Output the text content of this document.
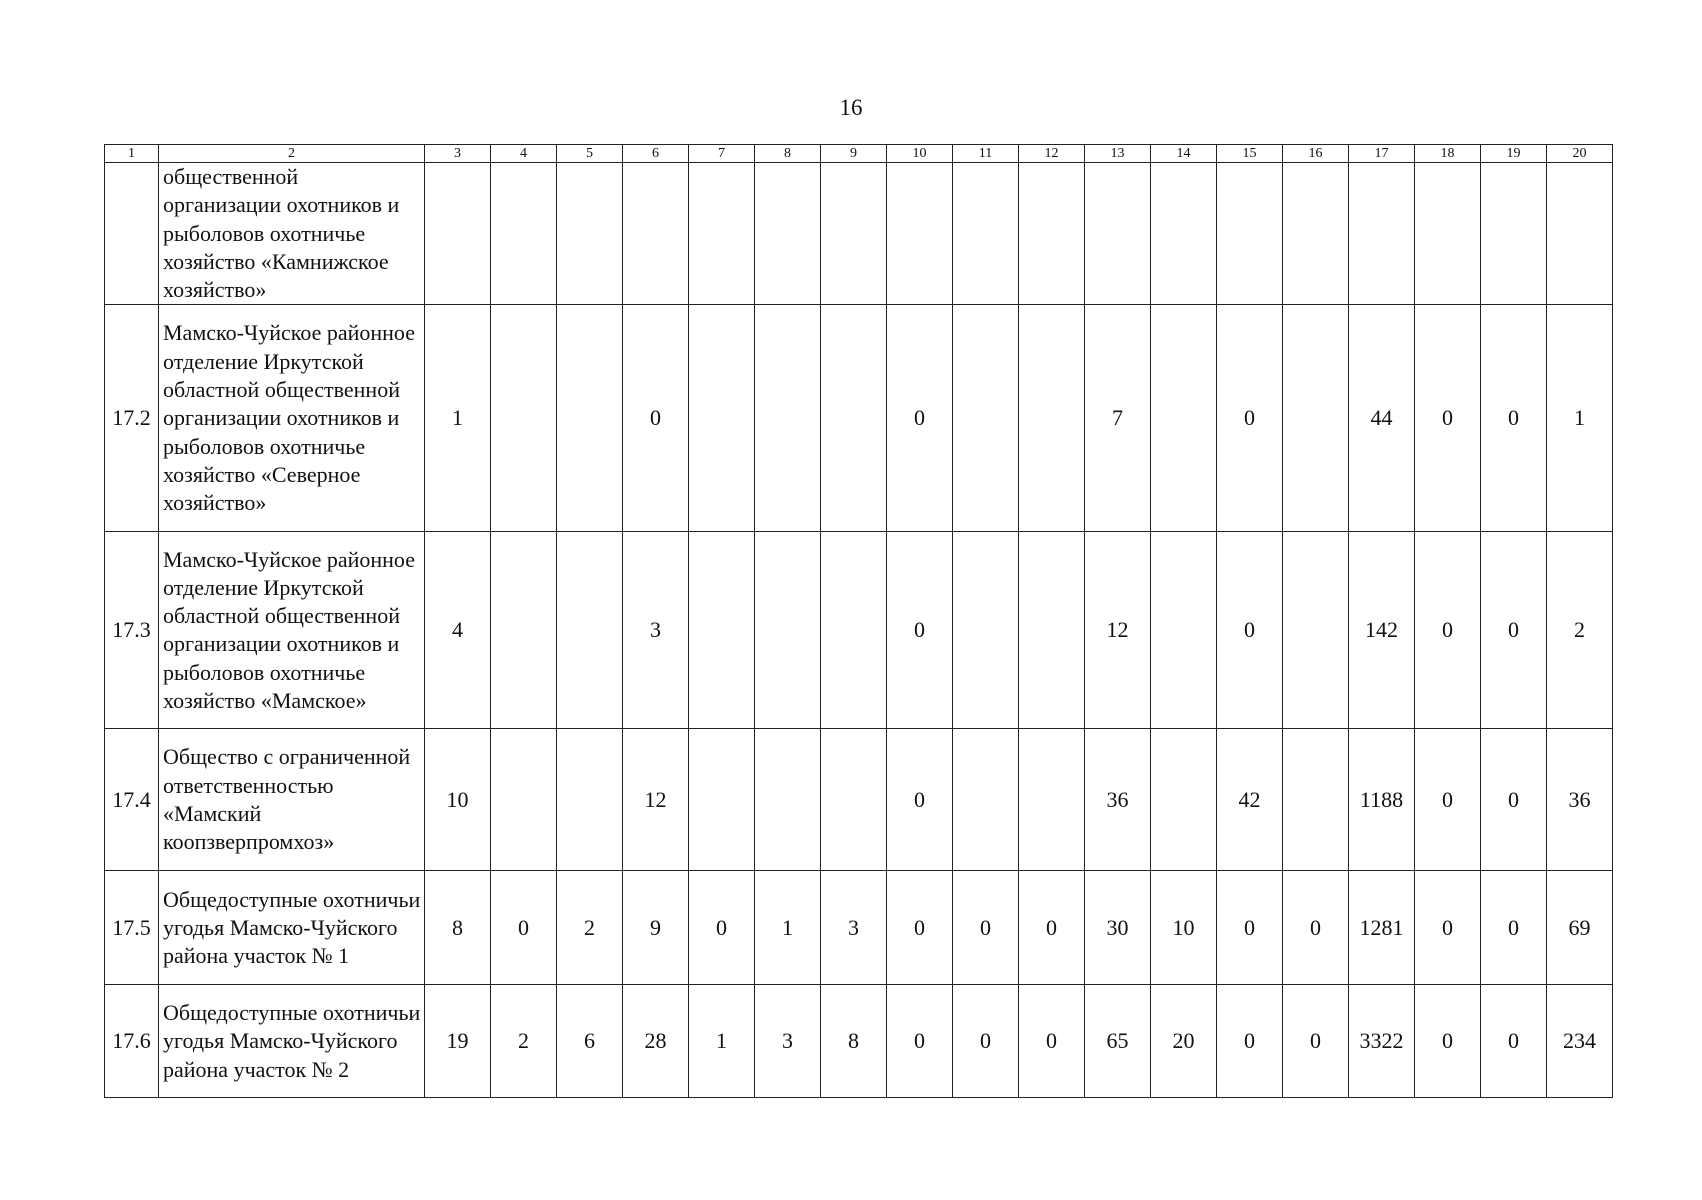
16
1	2	3	4	5	6	7	8	9	10	11	12	13	14	15	16	17	18	19	20
	общественной организации охотников и рыболовов охотничье хозяйство «Камнижское хозяйство»																		
17.2	Мамско-Чуйское районное отделение Иркутской областной общественной организации охотников и рыболовов охотничье хозяйство «Северное хозяйство»	1			0				0			7		0		44	0	0	1
17.3	Мамско-Чуйское районное отделение Иркутской областной общественной организации охотников и рыболовов охотничье хозяйство «Мамское»	4			3				0			12		0		142	0	0	2
17.4	Общество с ограниченной ответственностью «Мамский коопзверпромхоз»	10			12				0			36		42		1188	0	0	36
17.5	Общедоступные охотничьи угодья Мамско-Чуйского района участок № 1	8	0	2	9	0	1	3	0	0	0	30	10	0	0	1281	0	0	69
17.6	Общедоступные охотничьи угодья Мамско-Чуйского района участок № 2	19	2	6	28	1	3	8	0	0	0	65	20	0	0	3322	0	0	234
